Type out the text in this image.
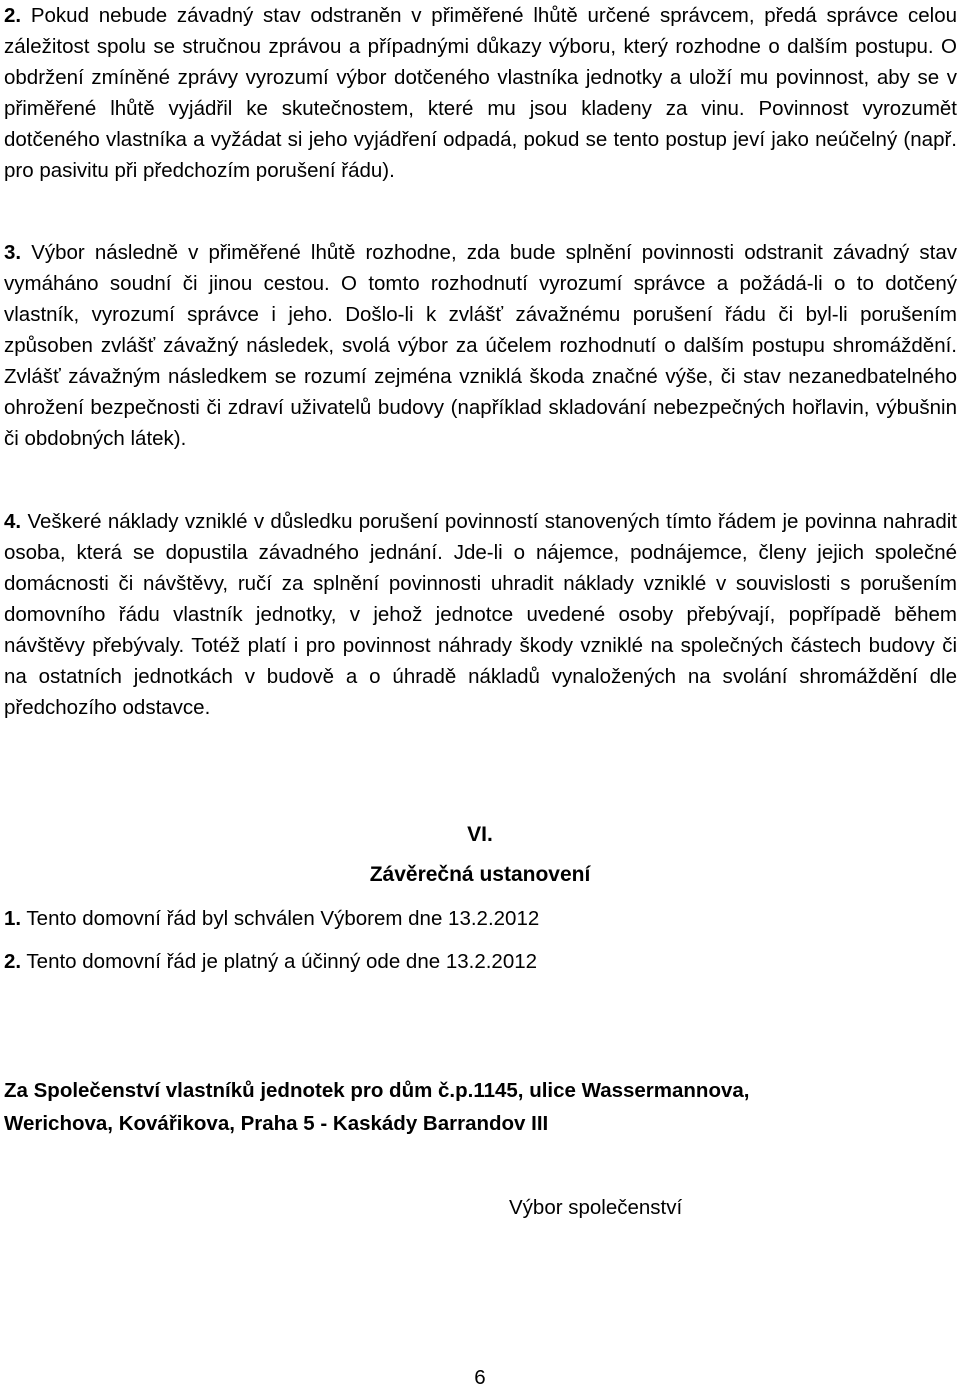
2. Pokud nebude závadný stav odstraněn v přiměřené lhůtě určené správcem, předá správce celou záležitost spolu se stručnou zprávou a případnými důkazy výboru, který rozhodne o dalším postupu. O obdržení zmíněné zprávy vyrozumí výbor dotčeného vlastníka jednotky a uloží mu povinnost, aby se v přiměřené lhůtě vyjádřil ke skutečnostem, které mu jsou kladeny za vinu. Povinnost vyrozumět dotčeného vlastníka a vyžádat si jeho vyjádření odpadá, pokud se tento postup jeví jako neúčelný (např. pro pasivitu při předchozím porušení řádu).

3. Výbor následně v přiměřené lhůtě rozhodne, zda bude splnění povinnosti odstranit závadný stav vymáháno soudní či jinou cestou. O tomto rozhodnutí vyrozumí správce a požádá-li o to dotčený vlastník, vyrozumí správce i jeho. Došlo-li k zvlášť závažnému porušení řádu či byl-li porušením způsoben zvlášť závažný následek, svolá výbor za účelem rozhodnutí o dalším postupu shromáždění. Zvlášť závažným následkem se rozumí zejména vzniklá škoda značné výše, či stav nezanedbatelného ohrožení bezpečnosti či zdraví uživatelů budovy (například skladování nebezpečných hořlavin, výbušnin či obdobných látek).

4. Veškeré náklady vzniklé v důsledku porušení povinností stanovených tímto řádem je povinna nahradit osoba, která se dopustila závadného jednání. Jde-li o nájemce, podnájemce, členy jejich společné domácnosti či návštěvy, ručí za splnění povinnosti uhradit náklady vzniklé v souvislosti s porušením domovního řádu vlastník jednotky, v jehož jednotce uvedené osoby přebývají, popřípadě během návštěvy přebývaly. Totéž platí i pro povinnost náhrady škody vzniklé na společných částech budovy či na ostatních jednotkách v budově a o úhradě nákladů vynaložených na svolání shromáždění dle předchozího odstavce.

VI.

Závěrečná ustanovení

1. Tento domovní řád byl schválen Výborem dne 13.2.2012

2. Tento domovní řád je platný a účinný ode dne 13.2.2012

Za Společenství vlastníků jednotek pro dům č.p.1145, ulice Wassermannova,
Werichova, Kovářikova, Praha 5 - Kaskády Barrandov III

Výbor společenství

6
